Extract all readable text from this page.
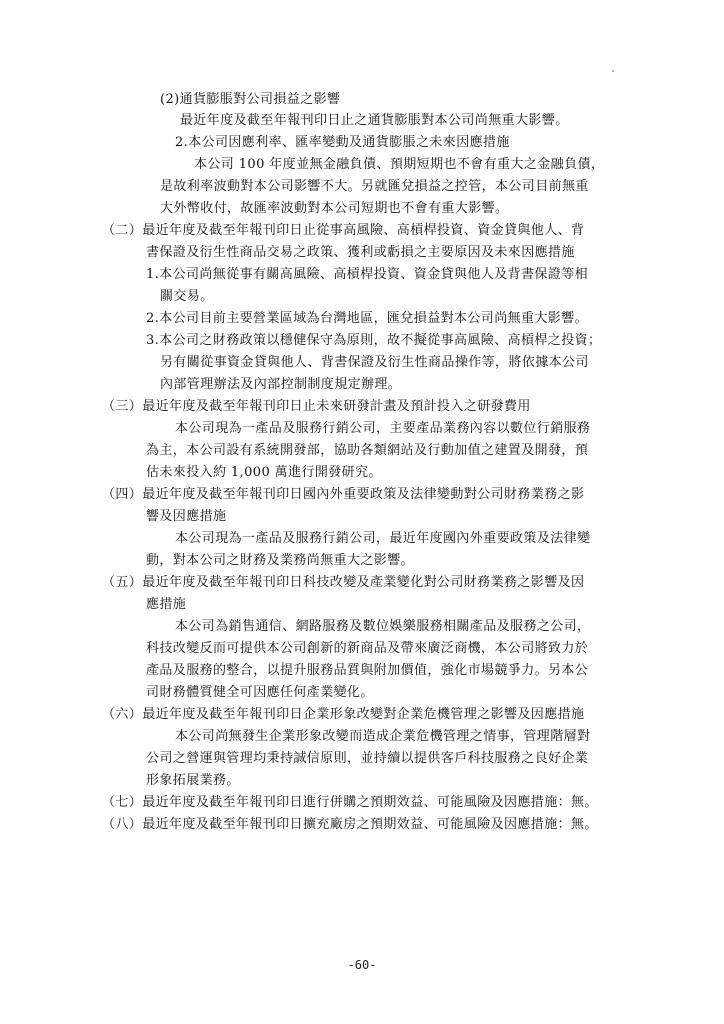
(2)通貨膨脹對公司損益之影響
最近年度及截至年報刊印日止之通貨膨脹對本公司尚無重大影響。
2.本公司因應利率、匯率變動及通貨膨脹之未來因應措施
本公司 100 年度並無金融負債、預期短期也不會有重大之金融負債，
是故利率波動對本公司影響不大。另就匯兌損益之控管，本公司目前無重
大外幣收付，故匯率波動對本公司短期也不會有重大影響。
（二）最近年度及截至年報刊印日止從事高風險、高槓桿投資、資金貸與他人、背
書保證及衍生性商品交易之政策、獲利或虧損之主要原因及未來因應措施
1.本公司尚無從事有關高風險、高槓桿投資、資金貸與他人及背書保證等相
關交易。
2.本公司目前主要營業區域為台灣地區，匯兌損益對本公司尚無重大影響。
3.本公司之財務政策以穩健保守為原則，故不擬從事高風險、高槓桿之投資；
另有關從事資金貸與他人、背書保證及衍生性商品操作等，將依據本公司
內部管理辦法及內部控制制度規定辦理。
（三）最近年度及截至年報刊印日止未來研發計畫及預計投入之研發費用
本公司現為一產品及服務行銷公司，主要產品業務內容以數位行銷服務
為主，本公司設有系統開發部，協助各類網站及行動加值之建置及開發，預
估未來投入約 1,000 萬進行開發研究。
（四）最近年度及截至年報刊印日國內外重要政策及法律變動對公司財務業務之影
響及因應措施
本公司現為一產品及服務行銷公司，最近年度國內外重要政策及法律變
動，對本公司之財務及業務尚無重大之影響。
（五）最近年度及截至年報刊印日科技改變及產業變化對公司財務業務之影響及因
應措施
本公司為銷售通信、網路服務及數位娛樂服務相關產品及服務之公司，
科技改變反而可提供本公司創新的新商品及帶來廣泛商機，本公司將致力於
產品及服務的整合，以提升服務品質與附加價值，強化市場競爭力。另本公
司財務體質健全可因應任何產業變化。
（六）最近年度及截至年報刊印日企業形象改變對企業危機管理之影響及因應措施
本公司尚無發生企業形象改變而造成企業危機管理之情事，管理階層對
公司之營運與管理均秉持誠信原則，並持續以提供客戶科技服務之良好企業
形象拓展業務。
（七）最近年度及截至年報刊印日進行併購之預期效益、可能風險及因應措施：無。
（八）最近年度及截至年報刊印日擴充廠房之預期效益、可能風險及因應措施：無。
-60-
